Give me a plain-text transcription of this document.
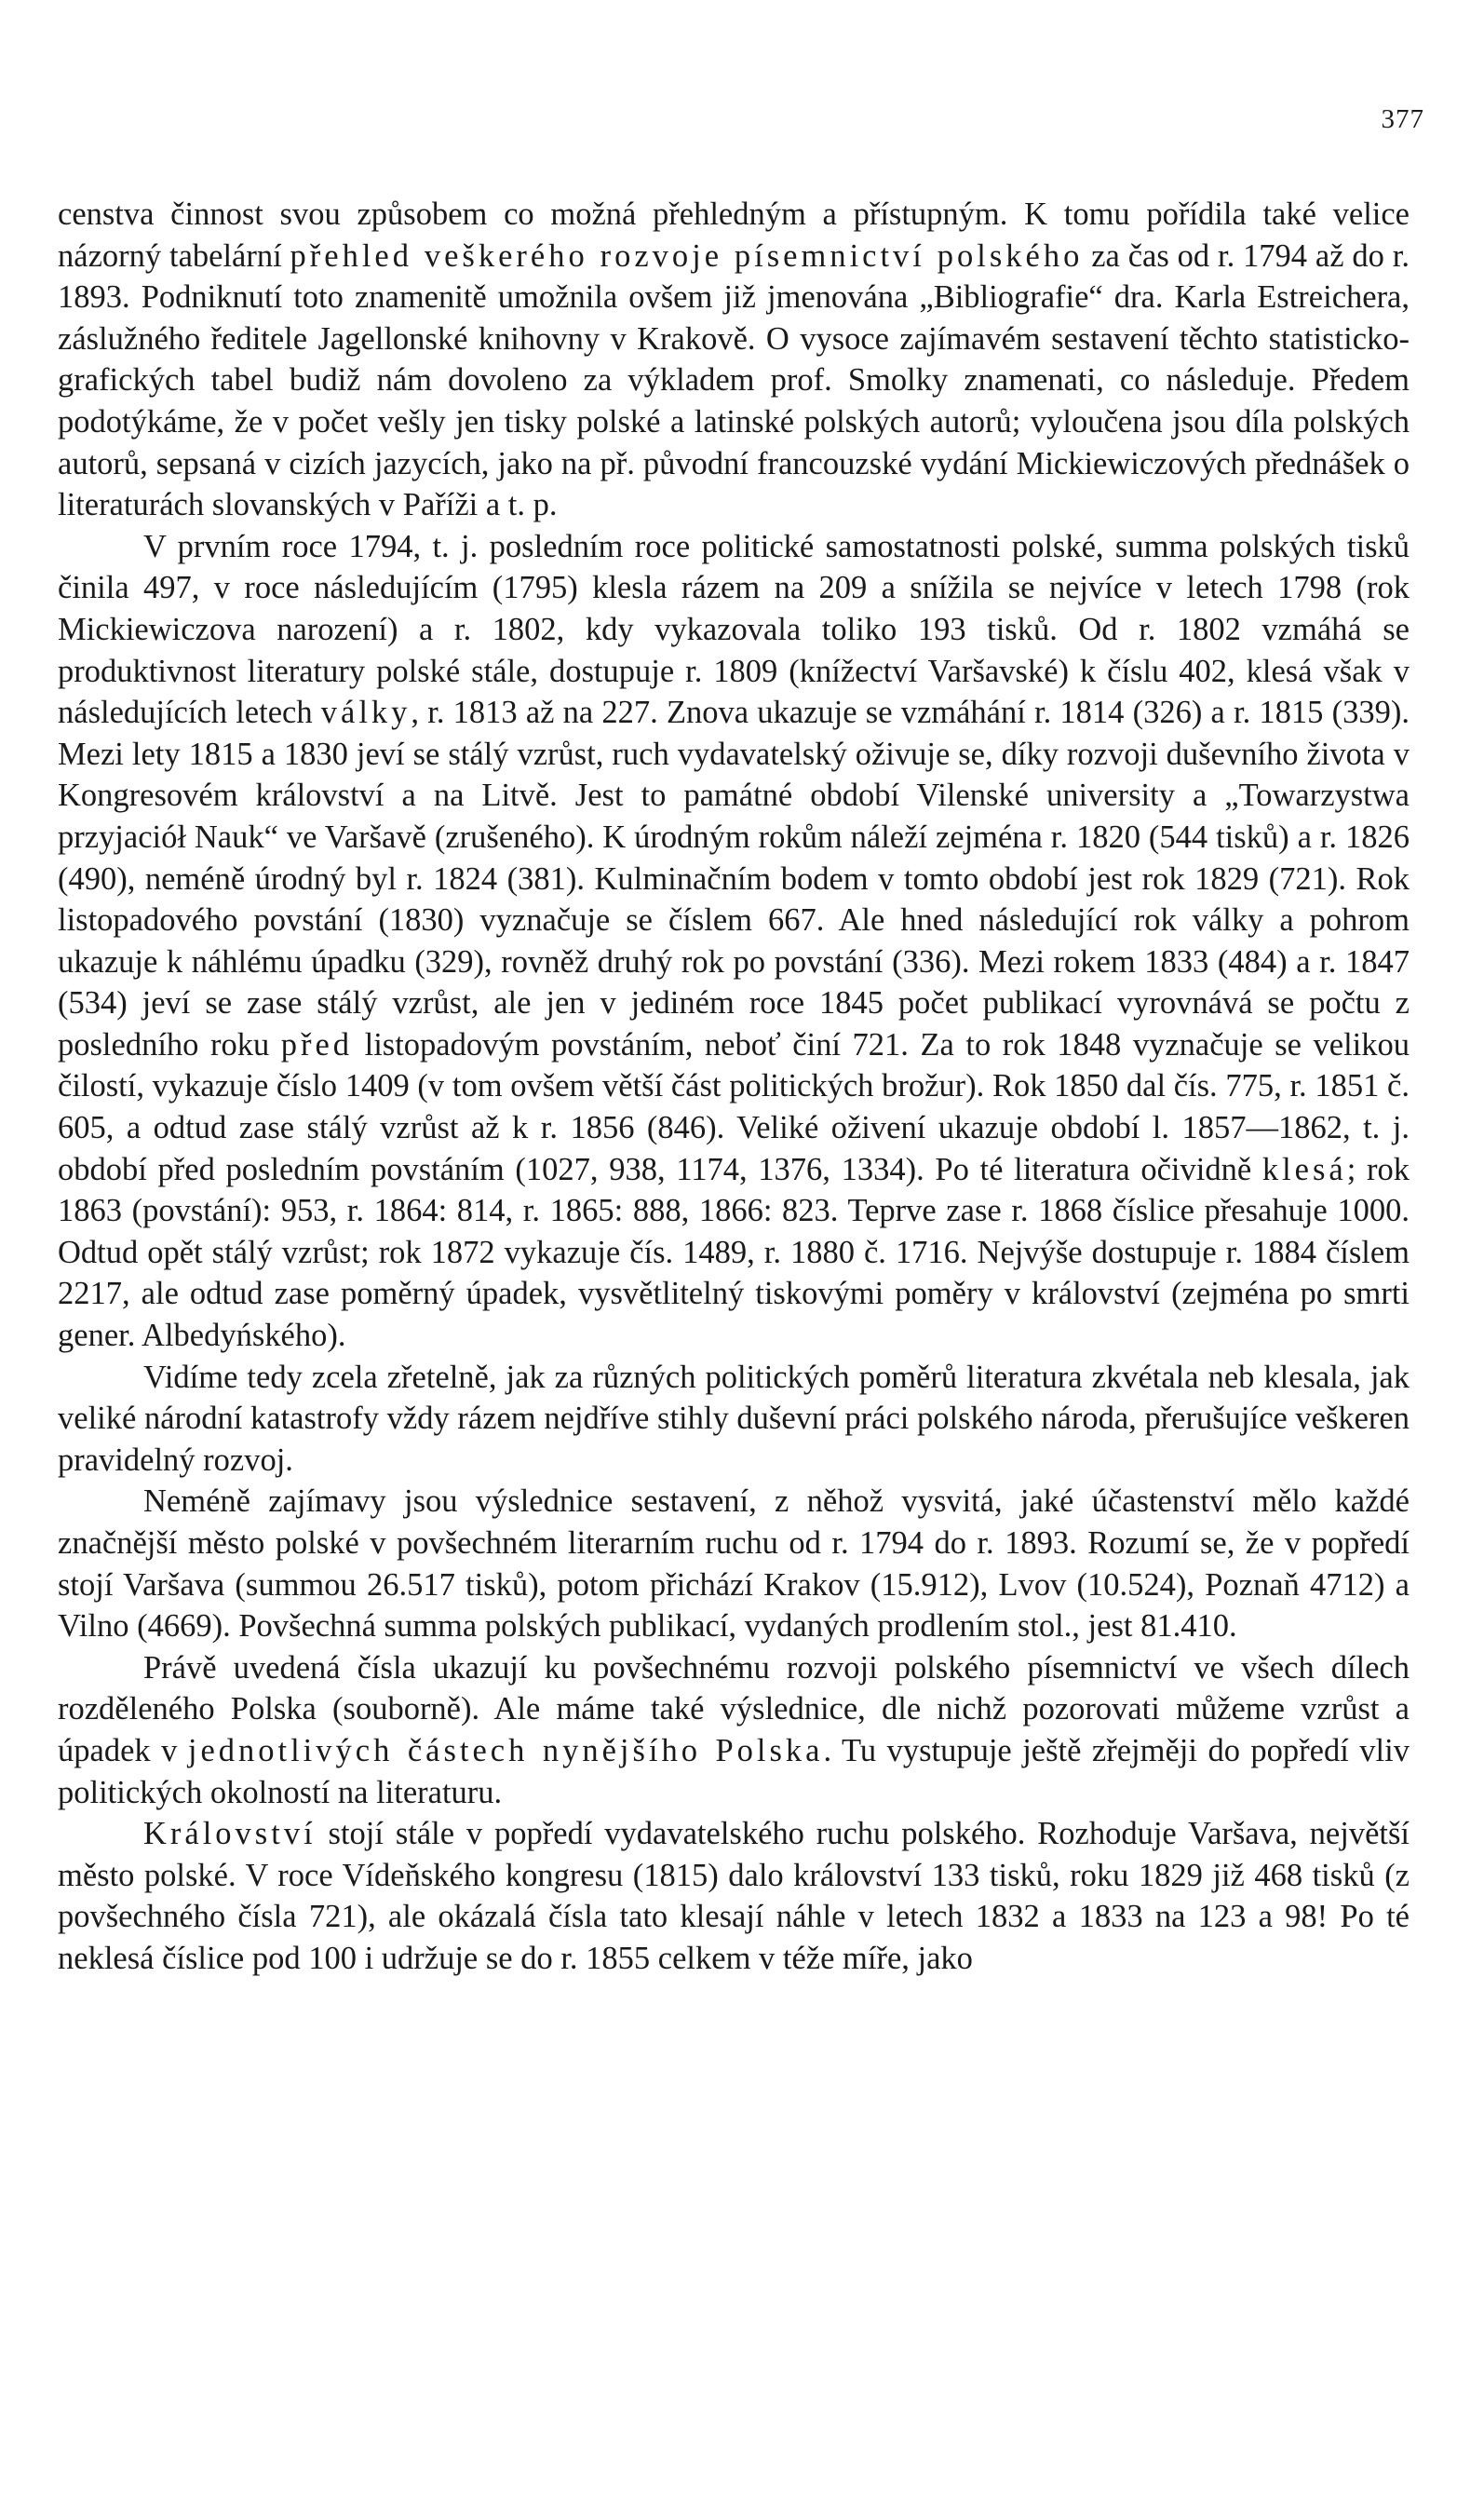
377

censtva činnost svou způsobem co možná přehledným a přístupným. K tomu pořídila také velice názorný tabelární přehled veškerého rozvoje písemnictví polského za čas od r. 1794 až do r. 1893. Podniknutí toto znamenitě umožnila ovšem již jmenována „Bibliografie“ dra. Karla Estreichera, záslužného ředitele Jagellonské knihovny v Krakově. O vysoce zajímavém sestavení těchto statisticko-grafických tabel budiž nám dovoleno za výkladem prof. Smolky znamenati, co následuje. Předem podotýkáme, že v počet vešly jen tisky polské a latinské polských autorů; vyloučena jsou díla polských autorů, sepsaná v cizích jazycích, jako na př. původní francouzské vydání Mickiewiczových přednášek o literaturách slovanských v Paříži a t. p.

V prvním roce 1794, t. j. posledním roce politické samostatnosti polské, summa polských tisků činila 497, v roce následujícím (1795) klesla rázem na 209 a snížila se nejvíce v letech 1798 (rok Mickiewiczova narození) a r. 1802, kdy vykazovala toliko 193 tisků. Od r. 1802 vzmáhá se produktivnost literatury polské stále, dostupuje r. 1809 (knížectví Varšavské) k číslu 402, klesá však v následujících letech války, r. 1813 až na 227. Znova ukazuje se vzmáhání r. 1814 (326) a r. 1815 (339). Mezi lety 1815 a 1830 jeví se stálý vzrůst, ruch vydavatelský oživuje se, díky rozvoji duševního života v Kongresovém království a na Litvě. Jest to památné období Vilenské university a „Towarzystwa przyjaciół Nauk“ ve Varšavě (zrušeného). K úrodným rokům náleží zejména r. 1820 (544 tisků) a r. 1826 (490), neméně úrodný byl r. 1824 (381). Kulminačním bodem v tomto období jest rok 1829 (721). Rok listopadového povstání (1830) vyznačuje se číslem 667. Ale hned následující rok války a pohrom ukazuje k náhlému úpadku (329), rovněž druhý rok po povstání (336). Mezi rokem 1833 (484) a r. 1847 (534) jeví se zase stálý vzrůst, ale jen v jediném roce 1845 počet publikací vyrovnává se počtu z posledního roku před listopadovým povstáním, neboť činí 721. Za to rok 1848 vyznačuje se velikou čilostí, vykazuje číslo 1409 (v tom ovšem větší část politických brožur). Rok 1850 dal čís. 775, r. 1851 č. 605, a odtud zase stálý vzrůst až k r. 1856 (846). Veliké oživení ukazuje období l. 1857—1862, t. j. období před posledním povstáním (1027, 938, 1174, 1376, 1334). Po té literatura očividně klesá; rok 1863 (povstání): 953, r. 1864: 814, r. 1865: 888, 1866: 823. Teprve zase r. 1868 číslice přesahuje 1000. Odtud opět stálý vzrůst; rok 1872 vykazuje čís. 1489, r. 1880 č. 1716. Nejvýše dostupuje r. 1884 číslem 2217, ale odtud zase poměrný úpadek, vysvětlitelný tiskovými poměry v království (zejména po smrti gener. Albedyńského).

Vidíme tedy zcela zřetelně, jak za různých politických poměrů literatura zkvétala neb klesala, jak veliké národní katastrofy vždy rázem nejdříve stihly duševní práci polského národa, přerušujíce veškeren pravidelný rozvoj.

Neméně zajímavy jsou výslednice sestavení, z něhož vysvitá, jaké účastenství mělo každé značnější město polské v povšechném literarním ruchu od r. 1794 do r. 1893. Rozumí se, že v popředí stojí Varšava (summou 26.517 tisků), potom přichází Krakov (15.912), Lvov (10.524), Poznaň 4712) a Vilno (4669). Povšechná summa polských publikací, vydaných prodlením stol., jest 81.410.

Právě uvedená čísla ukazují ku povšechnému rozvoji polského písemnictví ve všech dílech rozděleného Polska (souborně). Ale máme také výslednice, dle nichž pozorovati můžeme vzrůst a úpadek v jednotlivých částech nynějšího Polska. Tu vystupuje ještě zřejměji do popředí vliv politických okolností na literaturu.

Království stojí stále v popředí vydavatelského ruchu polského. Rozhoduje Varšava, největší město polské. V roce Vídeňského kongresu (1815) dalo království 133 tisků, roku 1829 již 468 tisků (z povšechného čísla 721), ale okázalá čísla tato klesají náhle v letech 1832 a 1833 na 123 a 98! Po té neklesá číslice pod 100 i udržuje se do r. 1855 celkem v téže míře, jako
